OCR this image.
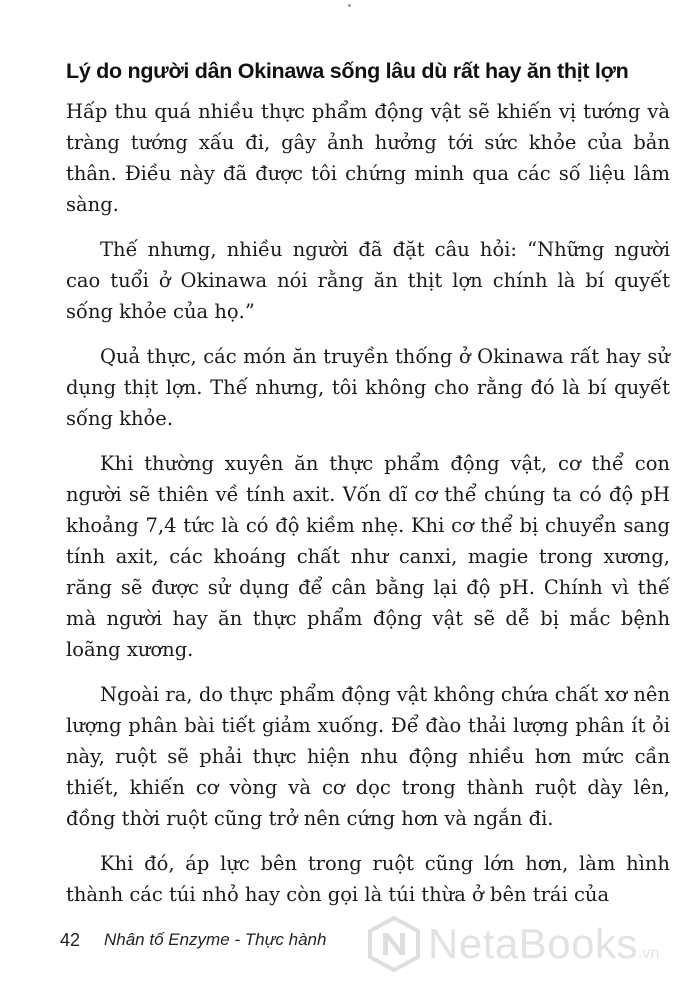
Lý do người dân Okinawa sống lâu dù rất hay ăn thịt lợn

Hấp thu quá nhiều thực phẩm động vật sẽ khiến vị tướng và tràng tướng xấu đi, gây ảnh hưởng tới sức khỏe của bản thân. Điều này đã được tôi chứng minh qua các số liệu lâm sàng.

Thế nhưng, nhiều người đã đặt câu hỏi: “Những người cao tuổi ở Okinawa nói rằng ăn thịt lợn chính là bí quyết sống khỏe của họ.”

Quả thực, các món ăn truyền thống ở Okinawa rất hay sử dụng thịt lợn. Thế nhưng, tôi không cho rằng đó là bí quyết sống khỏe.

Khi thường xuyên ăn thực phẩm động vật, cơ thể con người sẽ thiên về tính axit. Vốn dĩ cơ thể chúng ta có độ pH khoảng 7,4 tức là có độ kiềm nhẹ. Khi cơ thể bị chuyển sang tính axit, các khoáng chất như canxi, magie trong xương, răng sẽ được sử dụng để cân bằng lại độ pH. Chính vì thế mà người hay ăn thực phẩm động vật sẽ dễ bị mắc bệnh loãng xương.

Ngoài ra, do thực phẩm động vật không chứa chất xơ nên lượng phân bài tiết giảm xuống. Để đào thải lượng phân ít ỏi này, ruột sẽ phải thực hiện nhu động nhiều hơn mức cần thiết, khiến cơ vòng và cơ dọc trong thành ruột dày lên, đồng thời ruột cũng trở nên cứng hơn và ngắn đi.

Khi đó, áp lực bên trong ruột cũng lớn hơn, làm hình thành các túi nhỏ hay còn gọi là túi thừa ở bên trái của

42 Nhân tố Enzyme - Thực hành NetaBooks.vn
